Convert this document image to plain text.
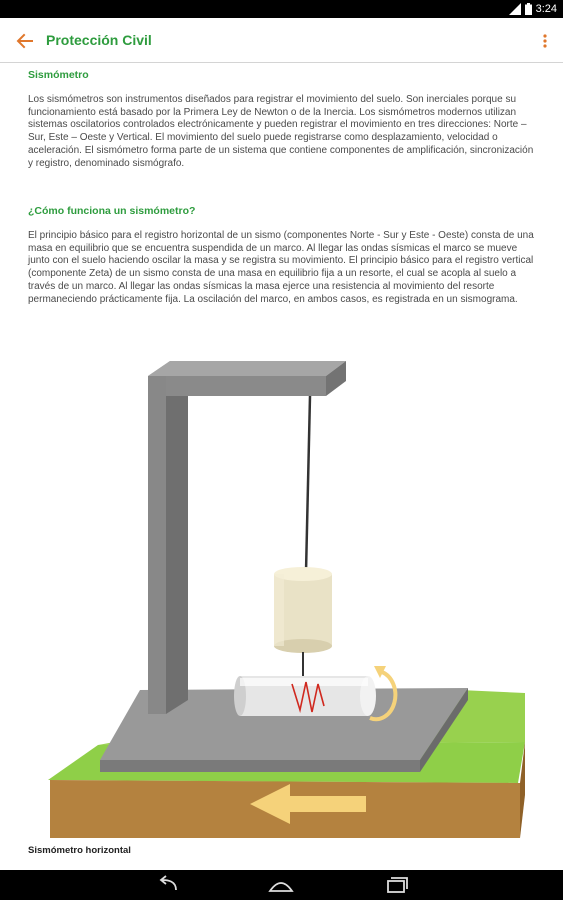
3:24
Protección Civil
Sismómetro

Los sismómetros son instrumentos diseñados para registrar el movimiento del suelo. Son inerciales porque su funcionamiento está basado por la Primera Ley de Newton o de la Inercia. Los sismómetros modernos utilizan sistemas oscilatorios controlados electrónicamente y pueden registrar el movimiento en tres direcciones: Norte – Sur, Este – Oeste y Vertical. El movimiento del suelo puede registrarse como desplazamiento, velocidad o aceleración. El sismómetro forma parte de un sistema que contiene componentes de amplificación, sincronización y registro, denominado sismógrafo.

¿Cómo funciona un sismómetro?

El principio básico para el registro horizontal de un sismo (componentes Norte - Sur y Este - Oeste) consta de una masa en equilibrio que se encuentra suspendida de un marco. Al llegar las ondas sísmicas el marco se mueve junto con el suelo haciendo oscilar la masa y se registra su movimiento. El principio básico para el registro vertical (componente Zeta) de un sismo consta de una masa en equilibrio fija a un resorte, el cual se acopla al suelo a través de un marco. Al llegar las ondas sísmicas la masa ejerce una resistencia al movimiento del resorte permaneciendo prácticamente fija. La oscilación del marco, en ambos casos, es registrada en un sismograma.

Sismómetro horizontal
